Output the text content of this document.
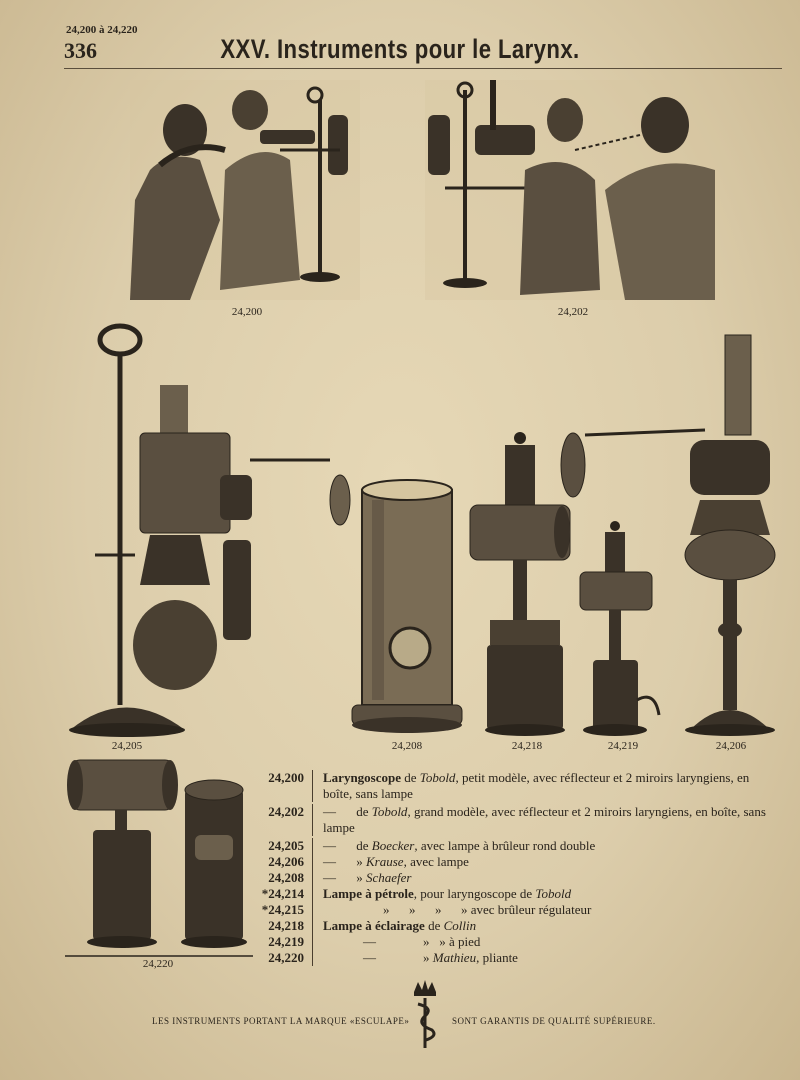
24,200 à 24,220
336	XXV. Instruments pour le Larynx.
24,200	24,202
24,205	24,208	24,218	24,219	24,206
24,220
24,200	Laryngoscope de Tobold, petit modèle, avec réflecteur et 2 miroirs laryngiens, en boîte, sans lampe
24,202	— de Tobold, grand modèle, avec réflecteur et 2 miroirs laryngiens, en boîte, sans lampe
24,205	— de Boecker, avec lampe à brûleur rond double
24,206	— » Krause, avec lampe
24,208	— » Schaefer
*24,214	Lampe à pétrole, pour laryngoscope de Tobold
*24,215	»      »      »      » avec brûleur régulateur
24,218	Lampe à éclairage de Collin
24,219	—	»   » à pied
24,220	—	» Mathieu, pliante
LES INSTRUMENTS PORTANT LA MARQUE «ESCULAPE»	SONT GARANTIS DE QUALITÉ SUPÉRIEURE.
